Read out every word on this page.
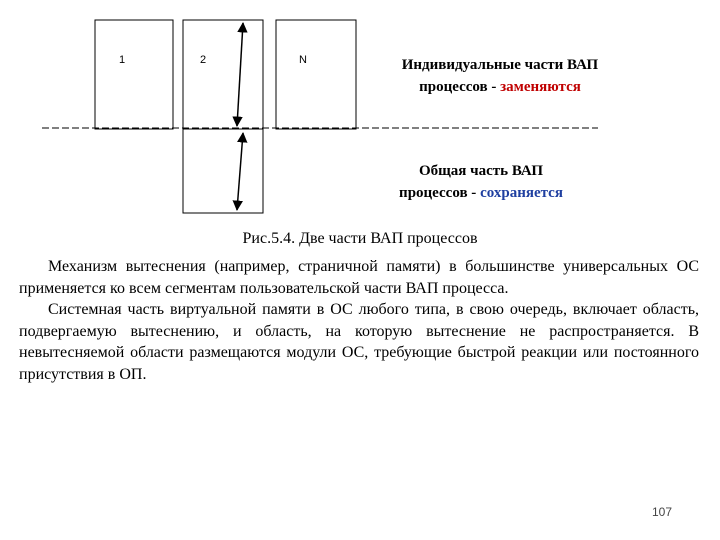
1	2	N	Индивидуальные части ВАП
процессов - заменяются
Общая часть ВАП
процессов - сохраняется
Рис.5.4. Две части ВАП процессов

Механизм вытеснения (например, страничной памяти) в большинстве универсальных ОС применяется ко всем сегментам пользовательской части ВАП процесса.

Системная часть виртуальной памяти в ОС любого типа, в свою очередь, включает область, подвергаемую вытеснению, и область, на которую вытеснение не распространяется. В невытесняемой области размещаются модули ОС, требующие быстрой реакции или постоянного присутствия в ОП.

107
